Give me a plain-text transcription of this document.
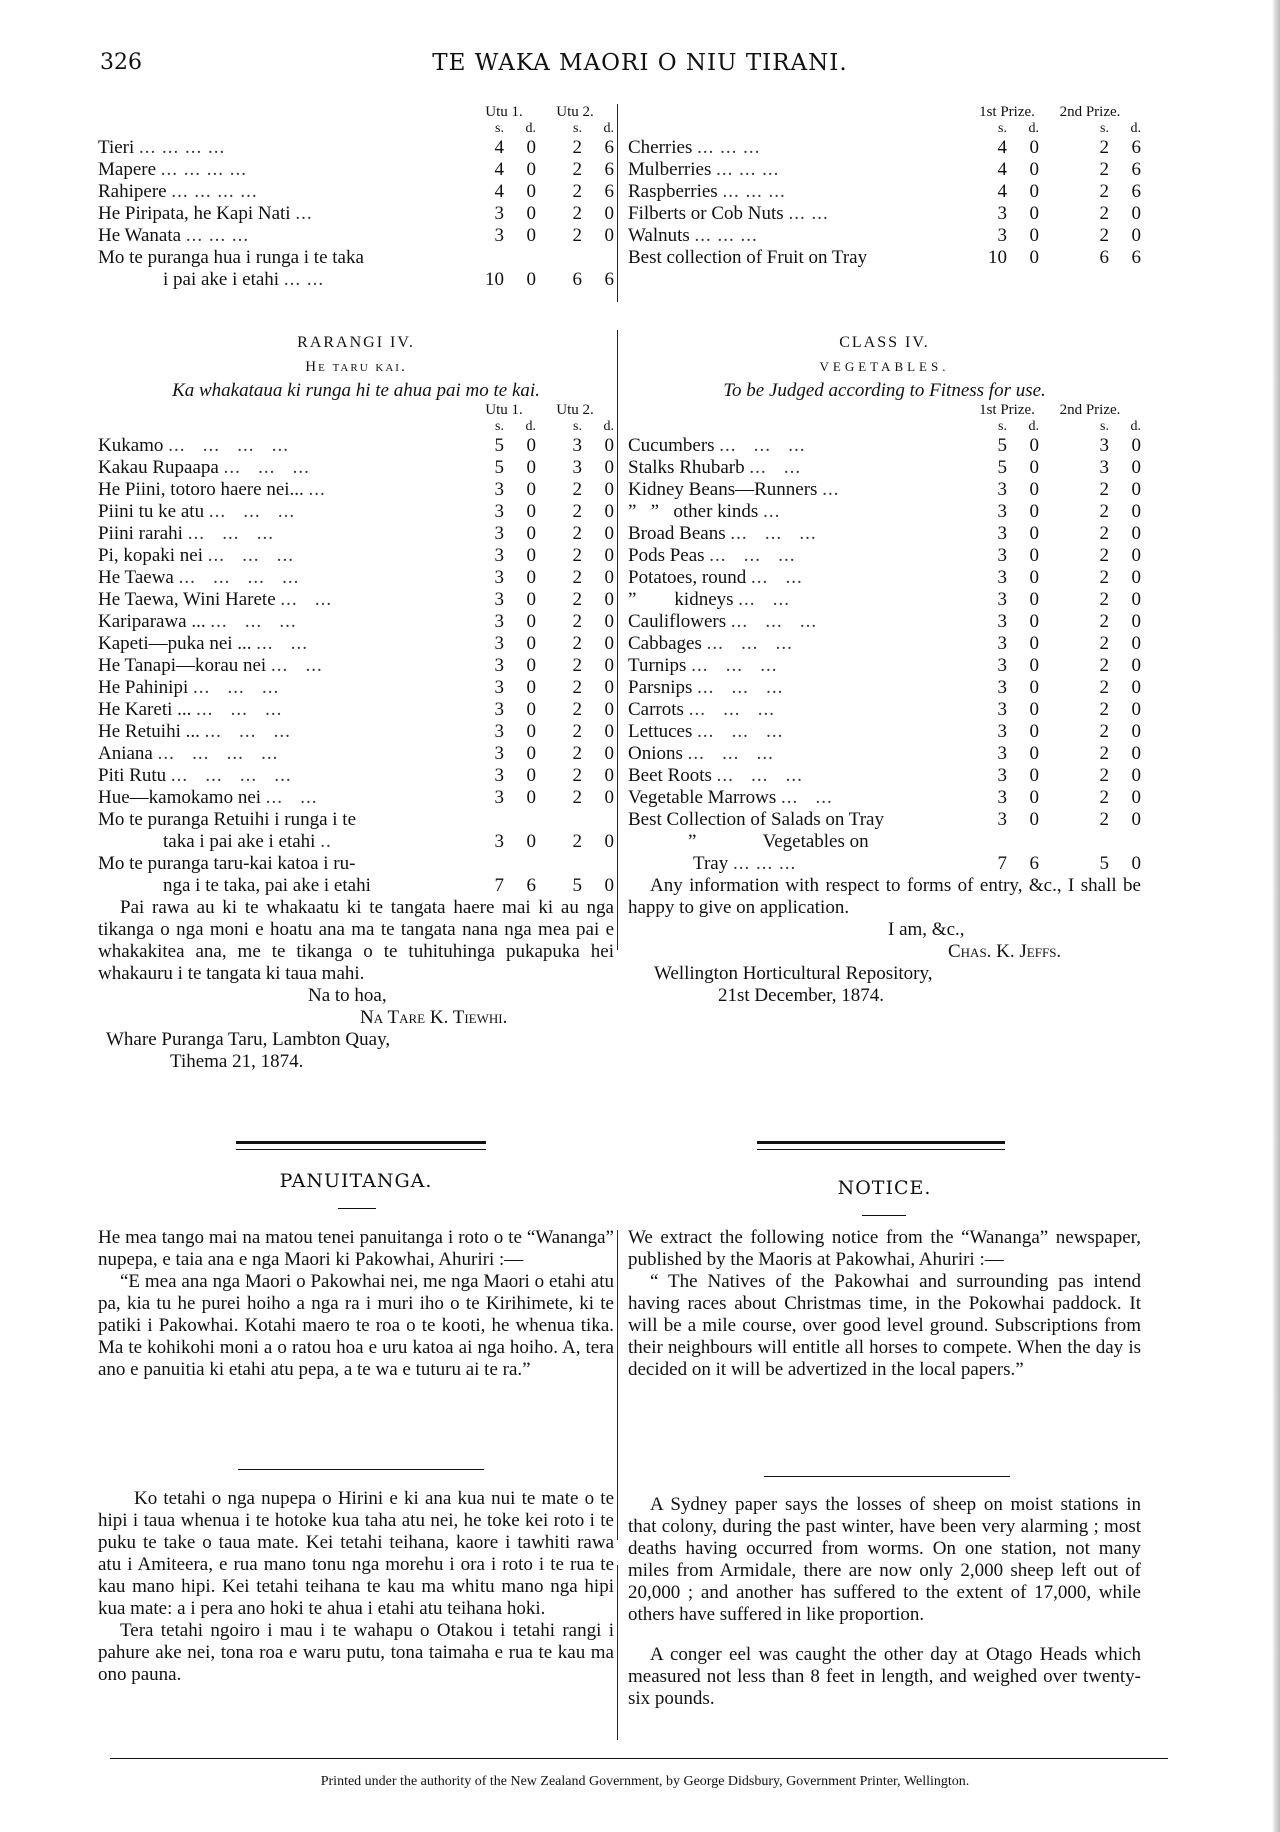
326	TE WAKA MAORI O NIU TIRANI.
	Utu 1.		Utu 2.	
	s.	d.	s.	d.
Tieri ... ... ... ...	4	0	2	6
Mapere ... ... ... ...	4	0	2	6
Rahipere ... ... ... ...	4	0	2	6
He Piripata, he Kapi Nati ...	3	0	2	0
He Wanata ... ... ...	3	0	2	0
Mo te puranga hua i runga i te taka				
i pai ake i etahi ... ...	10	0	6	6
	1st Prize.		2nd Prize.	
	s.	d.	s.	d.
Cherries ... ... ...	4	0	2	6
Mulberries ... ... ...	4	0	2	6
Raspberries ... ... ...	4	0	2	6
Filberts or Cob Nuts ... ...	3	0	2	0
Walnuts ... ... ...	3	0	2	0
Best collection of Fruit on Tray	10	0	6	6

RARANGI IV.

He taru kai.

Ka whakataua ki runga hi te ahua pai mo te kai.

	Utu 1.		Utu 2.	
	s.	d.	s.	d.
Kukamo ...   ...   ...   ...	5	0	3	0
Kakau Rupaapa ...   ...   ...	5	0	3	0
He Piini, totoro haere nei... ...	3	0	2	0
Piini tu ke atu ...   ...   ...	3	0	2	0
Piini rarahi ...   ...   ...	3	0	2	0
Pi, kopaki nei ...   ...   ...	3	0	2	0
He Taewa ...   ...   ...   ...	3	0	2	0
He Taewa, Wini Harete ...   ...	3	0	2	0
Kariparawa ... ...   ...   ...	3	0	2	0
Kapeti—puka nei ... ...   ...	3	0	2	0
He Tanapi—korau nei ...   ...	3	0	2	0
He Pahinipi ...   ...   ...	3	0	2	0
He Kareti ... ...   ...   ...	3	0	2	0
He Retuihi ... ...   ...   ...	3	0	2	0
Aniana ...   ...   ...   ...	3	0	2	0
Piti Rutu ...   ...   ...   ...	3	0	2	0
Hue—kamokamo nei ...   ...	3	0	2	0
Mo te puranga Retuihi i runga i te				
taka i pai ake i etahi ..	3	0	2	0
Mo te puranga taru-kai katoa i ru-				
nga i te taka, pai ake i etahi	7	6	5	0

Pai rawa au ki te whakaatu ki te tangata haere mai ki au nga tikanga o nga moni e hoatu ana ma te tangata nana nga mea pai e whakakitea ana, me te tikanga o te tuhituhinga pukapuka hei whakauru i te tangata ki taua mahi.

Na to hoa,

Na Tare K. Tiewhi.

Whare Puranga Taru, Lambton Quay,

Tihema 21, 1874.

CLASS IV.

VEGETABLES.

To be Judged according to Fitness for use.

	1st Prize.		2nd Prize.	
	s.	d.	s.	d.
Cucumbers ...   ...   ...	5	0	3	0
Stalks Rhubarb ...   ...	5	0	3	0
Kidney Beans—Runners ...	3	0	2	0
”   ”   other kinds ...	3	0	2	0
Broad Beans ...   ...   ...	3	0	2	0
Pods Peas ...   ...   ...	3	0	2	0
Potatoes, round ...   ...	3	0	2	0
”        kidneys ...   ...	3	0	2	0
Cauliflowers ...   ...   ...	3	0	2	0
Cabbages ...   ...   ...	3	0	2	0
Turnips ...   ...   ...	3	0	2	0
Parsnips ...   ...   ...	3	0	2	0
Carrots ...   ...   ...	3	0	2	0
Lettuces ...   ...   ...	3	0	2	0
Onions ...   ...   ...	3	0	2	0
Beet Roots ...   ...   ...	3	0	2	0
Vegetable Marrows ...   ...	3	0	2	0
Best Collection of Salads on Tray	3	0	2	0
”              Vegetables on				
Tray ... ... ...	7	6	5	0

Any information with respect to forms of entry, &c., I shall be happy to give on application.

I am, &c.,

Chas. K. Jeffs.

Wellington Horticultural Repository,

21st December, 1874.

PANUITANGA.

He mea tango mai na matou tenei panuitanga i roto o te “Wananga” nupepa, e taia ana e nga Maori ki Pakowhai, Ahuriri :—

“E mea ana nga Maori o Pakowhai nei, me nga Maori o etahi atu pa, kia tu he purei hoiho a nga ra i muri iho o te Kirihimete, ki te patiki i Pakowhai. Kotahi maero te roa o te kooti, he whenua tika. Ma te kohikohi moni a o ratou hoa e uru katoa ai nga hoiho. A, tera ano e panuitia ki etahi atu pepa, a te wa e tuturu ai te ra.”

NOTICE.

We extract the following notice from the “Wananga” newspaper, published by the Maoris at Pakowhai, Ahuriri :—

“ The Natives of the Pakowhai and surrounding pas intend having races about Christmas time, in the Pokowhai paddock. It will be a mile course, over good level ground. Subscriptions from their neighbours will entitle all horses to compete. When the day is decided on it will be advertized in the local papers.”

Ko tetahi o nga nupepa o Hirini e ki ana kua nui te mate o te hipi i taua whenua i te hotoke kua taha atu nei, he toke kei roto i te puku te take o taua mate. Kei tetahi teihana, kaore i tawhiti rawa atu i Amiteera, e rua mano tonu nga morehu i ora i roto i te rua te kau mano hipi. Kei tetahi teihana te kau ma whitu mano nga hipi kua mate: a i pera ano hoki te ahua i etahi atu teihana hoki.

Tera tetahi ngoiro i mau i te wahapu o Otakou i tetahi rangi i pahure ake nei, tona roa e waru putu, tona taimaha e rua te kau ma ono pauna.

A Sydney paper says the losses of sheep on moist stations in that colony, during the past winter, have been very alarming ; most deaths having occurred from worms. On one station, not many miles from Armidale, there are now only 2,000 sheep left out of 20,000 ; and another has suffered to the extent of 17,000, while others have suffered in like proportion.

A conger eel was caught the other day at Otago Heads which measured not less than 8 feet in length, and weighed over twenty-six pounds.

Printed under the authority of the New Zealand Government, by George Didsbury, Government Printer, Wellington.
